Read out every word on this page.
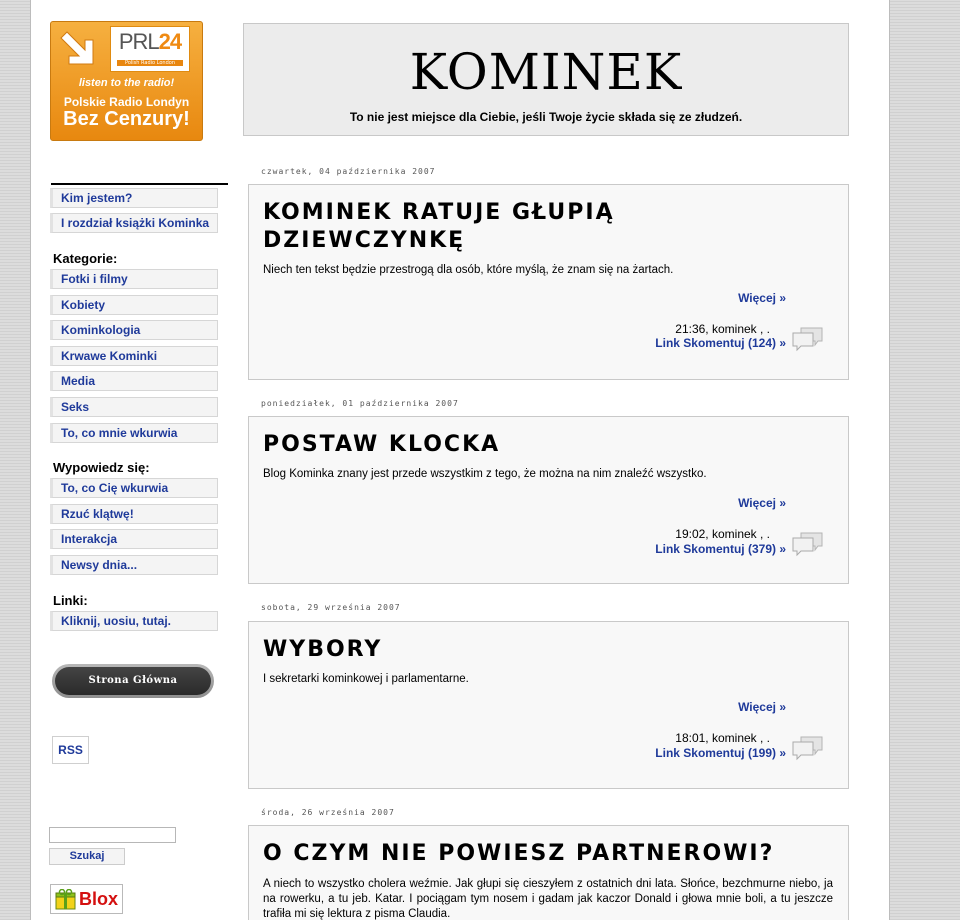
PRL24
Polish Radio London
listen to the radio!
Polskie Radio Londyn
Bez Cenzury!
KOMINEK
To nie jest miejsce dla Ciebie, jeśli Twoje życie składa się ze złudzeń.
Kim jestem?
I rozdział książki Kominka
Kategorie:
Fotki i filmy
Kobiety
Kominkologia
Krwawe Kominki
Media
Seks
To, co mnie wkurwia
Wypowiedz się:
To, co Cię wkurwia
Rzuć klątwę!
Interakcja
Newsy dnia...
Linki:
Kliknij, uosiu, tutaj.
Strona Główna
RSS
Szukaj
Blox
czwartek, 04 października 2007
KOMINEK RATUJE GŁUPIĄ DZIEWCZYNKĘ
Niech ten tekst będzie przestrogą dla osób, które myślą, że znam się na żartach.
Więcej »
21:36, kominek , .
Link Skomentuj (124) »
poniedziałek, 01 października 2007
POSTAW KLOCKA
Blog Kominka znany jest przede wszystkim z tego, że można na nim znaleźć wszystko.
Więcej »
19:02, kominek , .
Link Skomentuj (379) »
sobota, 29 września 2007
WYBORY
I sekretarki kominkowej i parlamentarne.
Więcej »
18:01, kominek , .
Link Skomentuj (199) »
środa, 26 września 2007
O CZYM NIE POWIESZ PARTNEROWI?
A niech to wszystko cholera weźmie. Jak głupi się cieszyłem z ostatnich dni lata. Słońce, bezchmurne niebo, ja na rowerku, a tu jeb. Katar. I pociągam tym nosem i gadam jak kaczor Donald i głowa mnie boli, a tu jeszcze trafiła mi się lektura z pisma Claudia.
